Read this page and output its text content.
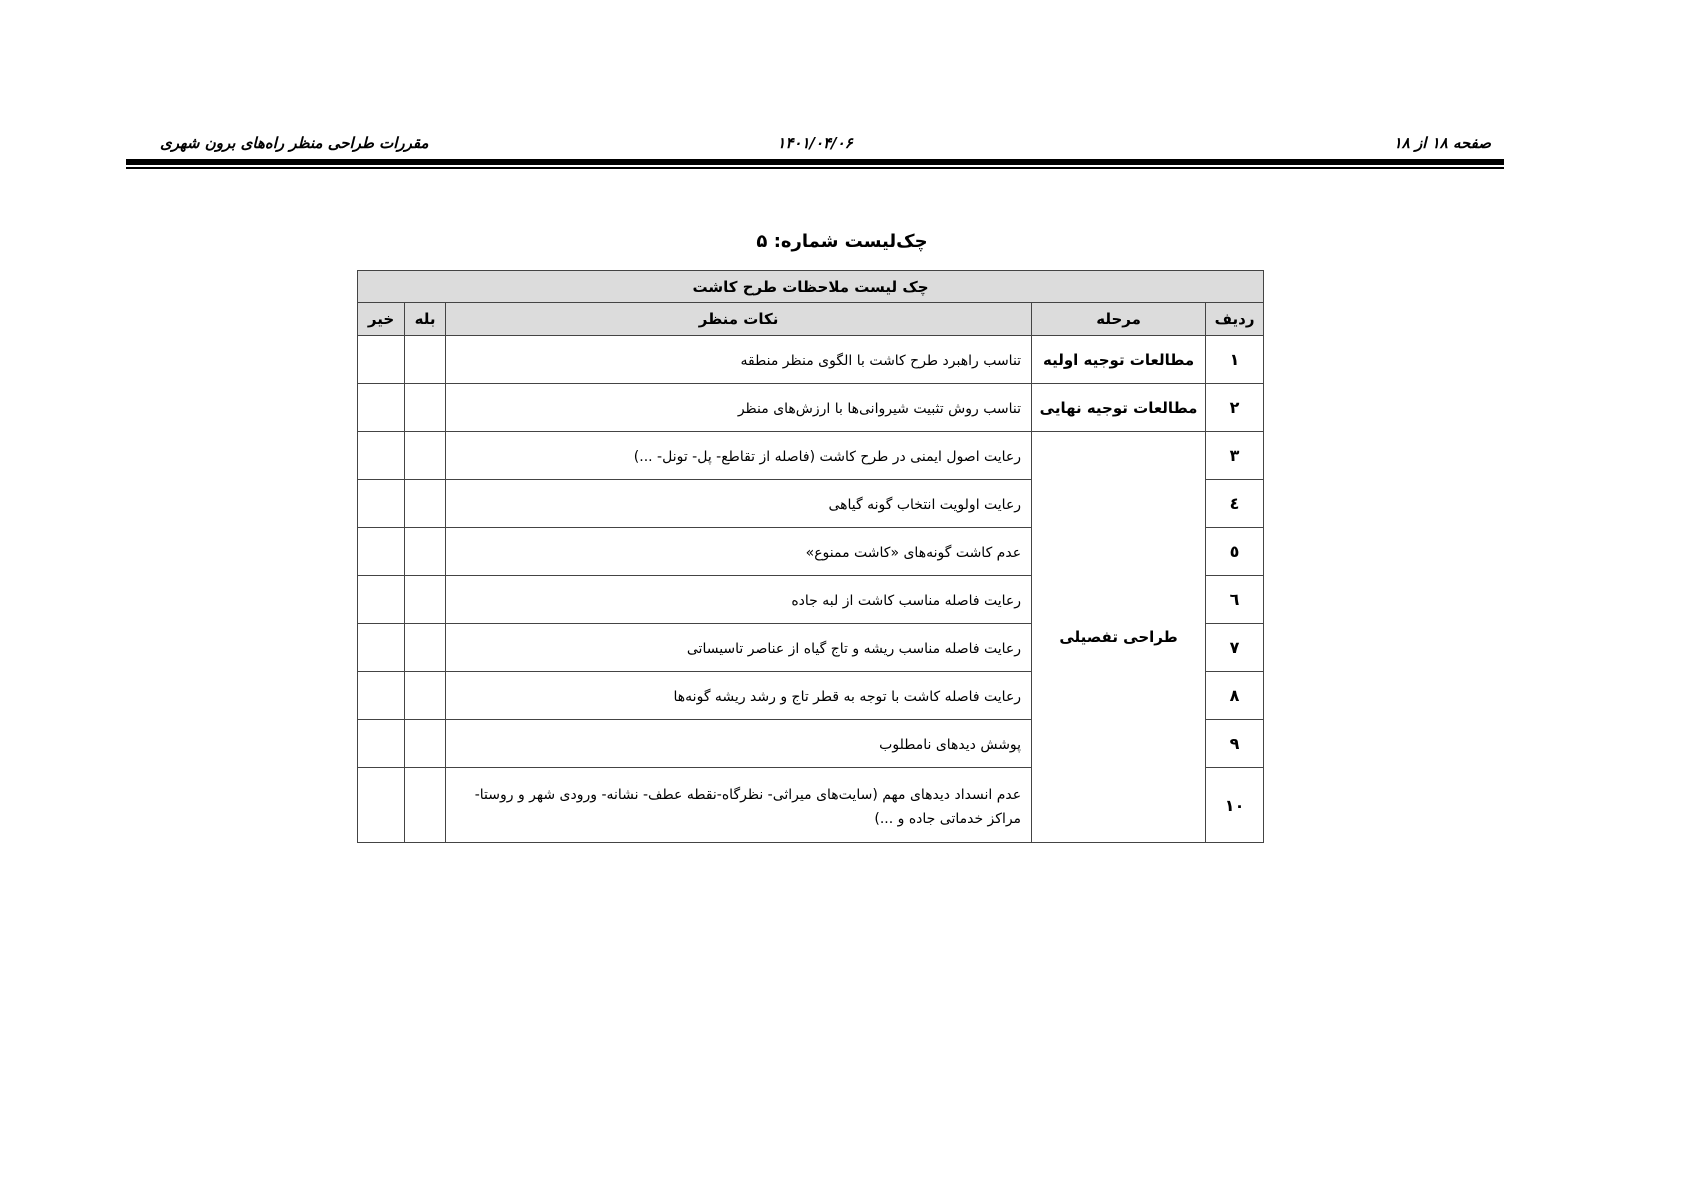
صفحه ۱۸ از ۱۸
۱۴۰۱/۰۴/۰۶
مقررات طراحی منظر راه‌های برون شهری
چک‌لیست شماره: ۵
چک لیست ملاحظات طرح کاشت				
ردیف	مرحله	نکات منظر	بله	خیر
۱	مطالعات توجیه اولیه	تناسب راهبرد طرح کاشت با الگوی منظر منطقه		
۲	مطالعات توجیه نهایی	تناسب روش تثبیت شیروانی‌ها با ارزش‌های منظر		
۳	طراحی تفصیلی	رعایت اصول ایمنی در طرح کاشت (فاصله از تقاطع- پل- تونل- ...)		
٤		رعایت اولویت انتخاب گونه گیاهی		
٥		عدم کاشت گونه‌های «کاشت ممنوع»		
٦		رعایت فاصله مناسب کاشت از لبه جاده		
۷		رعایت فاصله مناسب ریشه و تاج گیاه از عناصر تاسیساتی		
۸		رعایت فاصله کاشت با توجه به قطر تاج و رشد ریشه گونه‌ها		
۹		پوشش دیدهای نامطلوب		
۱۰		عدم انسداد دیدهای مهم (سایت‌های میراثی- نظرگاه-نقطه عطف- نشانه- ورودی شهر و روستا- مراکز خدماتی جاده و ...)		
